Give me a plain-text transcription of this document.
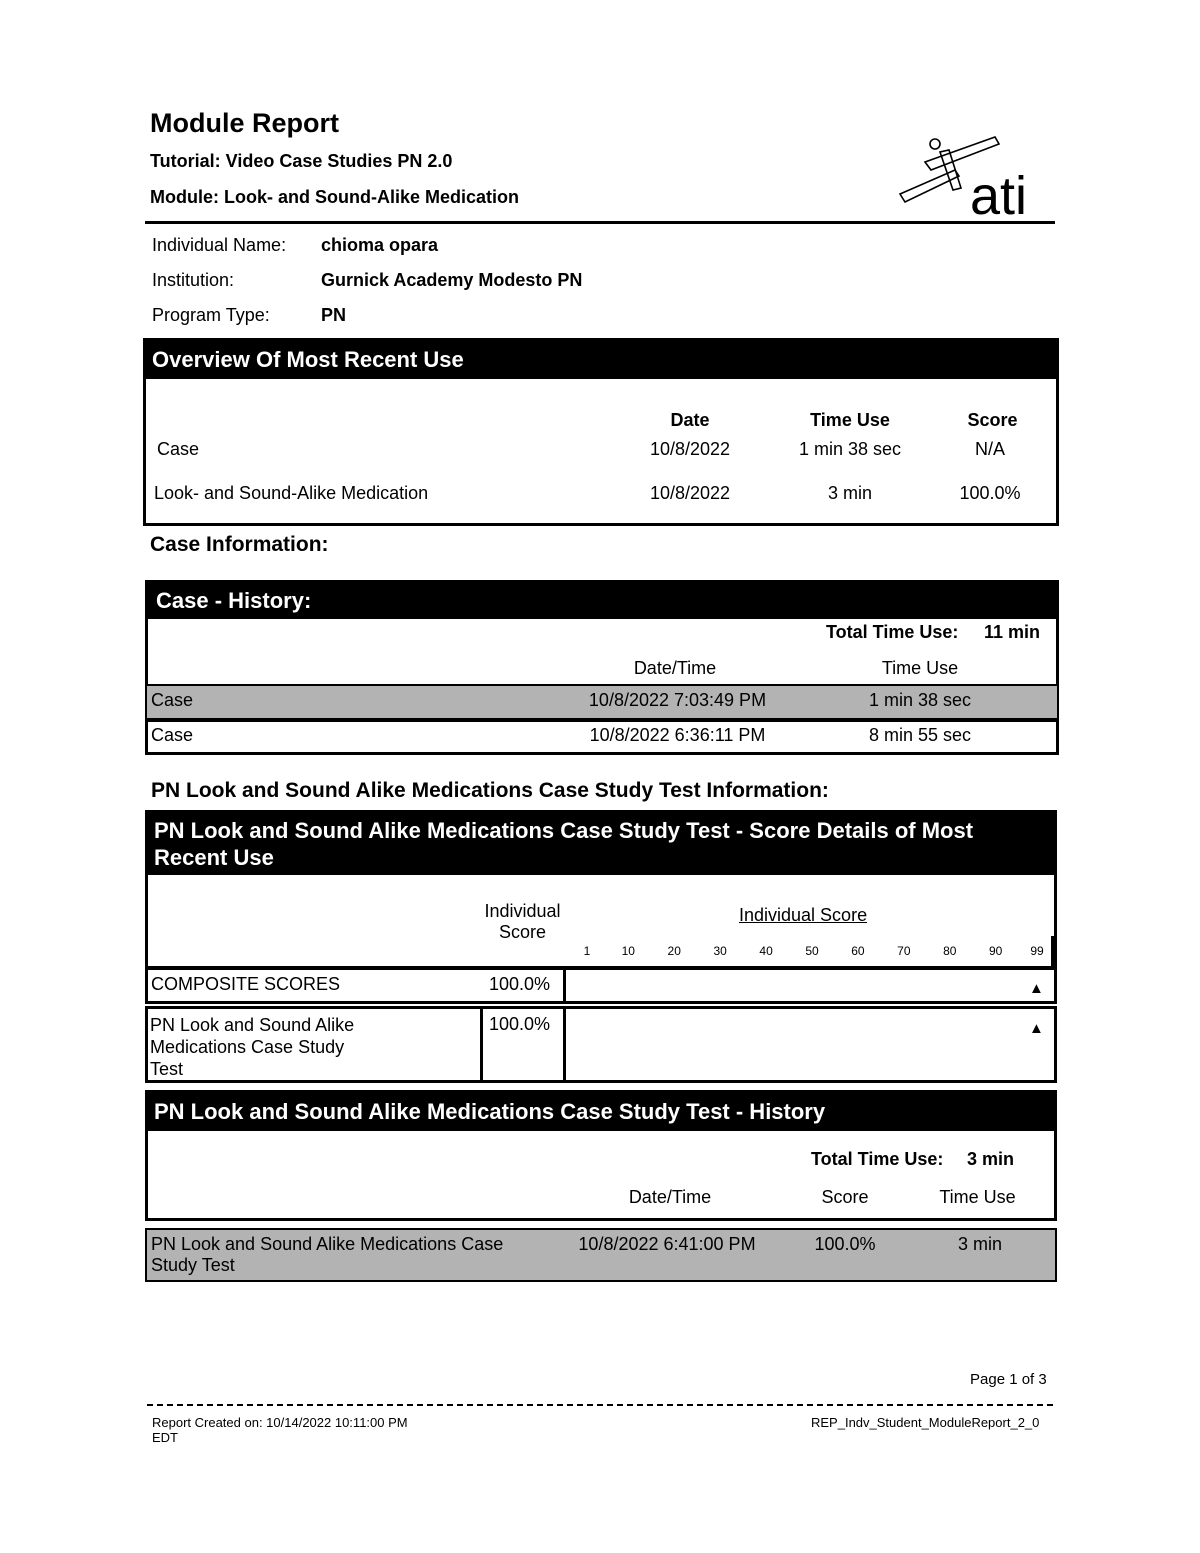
Module Report
Tutorial: Video Case Studies PN 2.0
Module: Look- and Sound-Alike Medication	ati
Individual Name: chioma opara
Institution:	Gurnick Academy Modesto PN
Program Type:	PN
Overview Of Most Recent Use
Date	Time Use	Score
Case	10/8/2022	1 min 38 sec	N/A
Look- and Sound-Alike Medication	10/8/2022	3 min	100.0%
Case Information:
Case - History:
Total Time Use: 11 min
Date/Time	Time Use
Case	10/8/2022 7:03:49 PM	1 min 38 sec
Case	10/8/2022 6:36:11 PM	8 min 55 sec
PN Look and Sound Alike Medications Case Study Test Information:
PN Look and Sound Alike Medications Case Study Test - Score Details of Most
Recent Use
Individual
Score
Individual Score
1	10	20	30	40	50	60	70	80	90	99
COMPOSITE SCORES	100.0%	▲
PN Look and Sound Alike
Medications Case Study
Test
100.0%	▲
PN Look and Sound Alike Medications Case Study Test - History
Total Time Use: 3 min
Date/Time	Score	Time Use
PN Look and Sound Alike Medications Case
Study Test
10/8/2022 6:41:00 PM	100.0%	3 min
Page 1 of 3
Report Created on: 10/14/2022 10:11:00 PM
EDT
REP_Indv_Student_ModuleReport_2_0
